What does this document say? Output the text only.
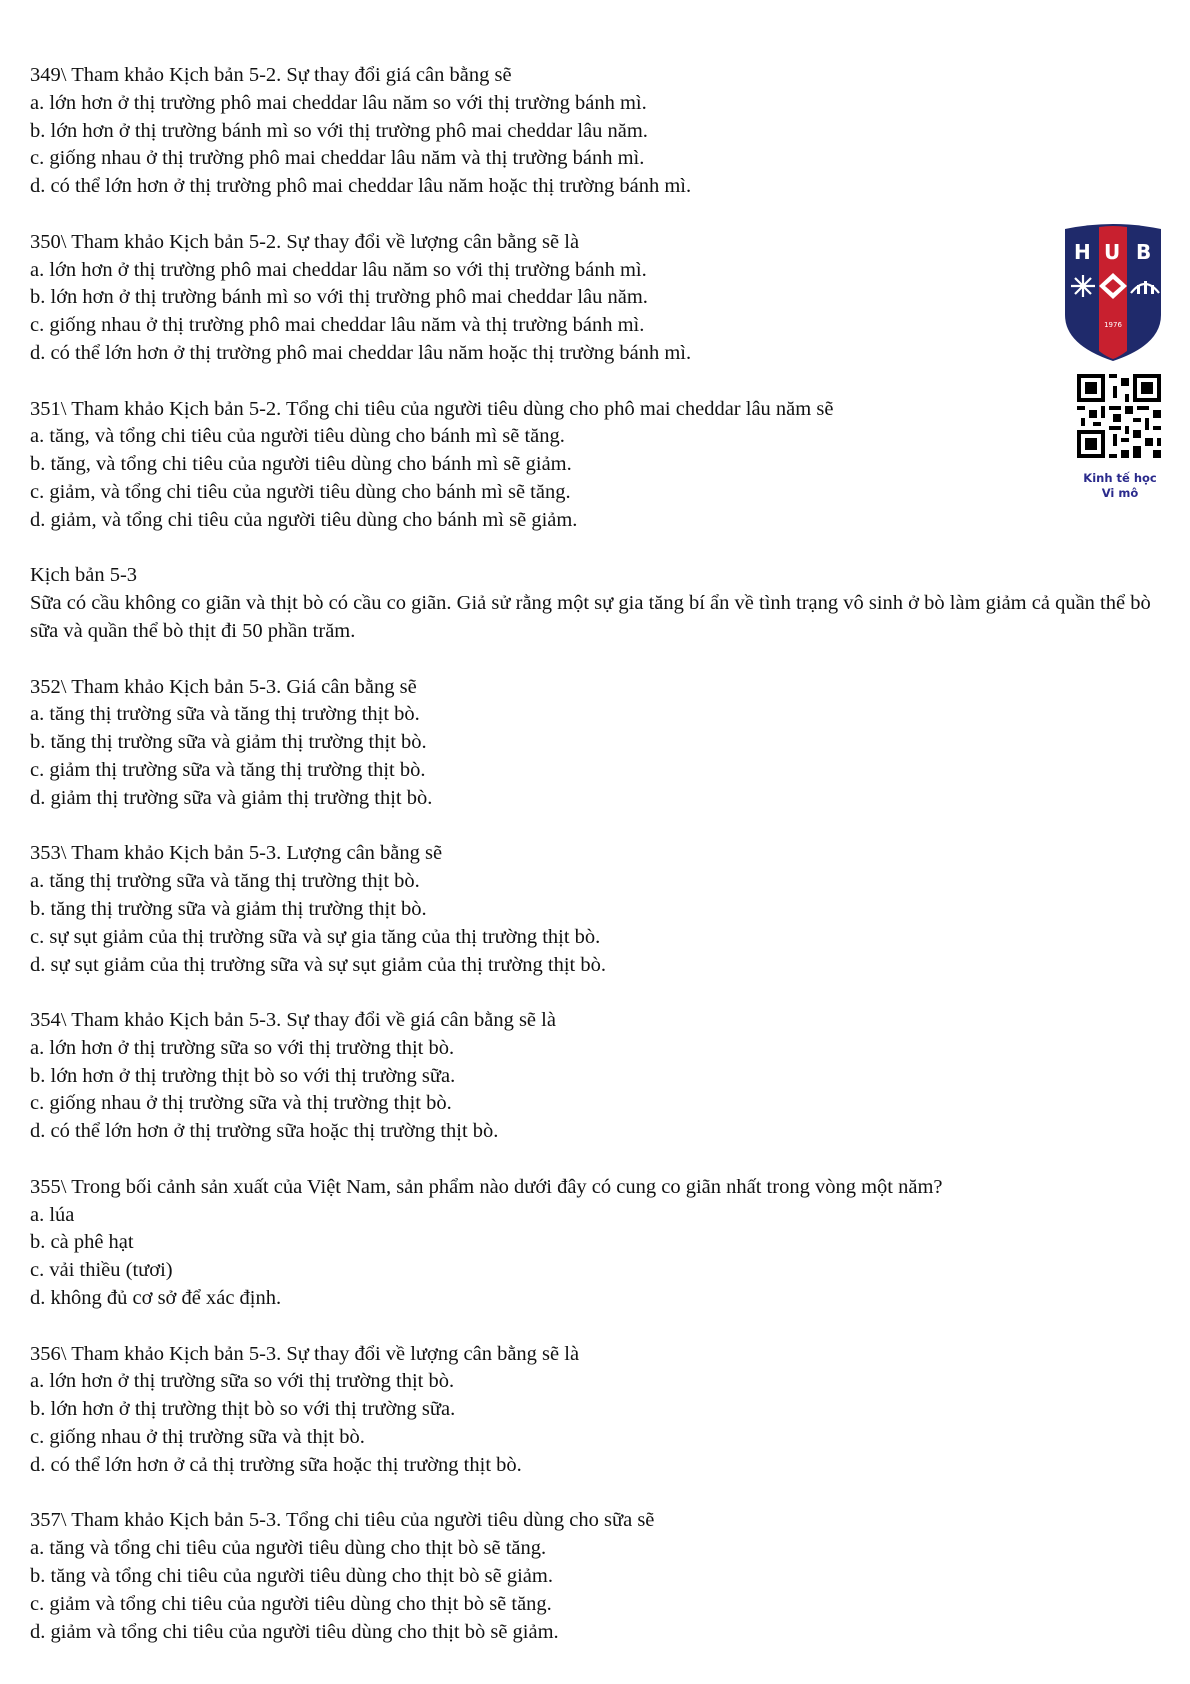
349\ Tham khảo Kịch bản 5-2. Sự thay đổi giá cân bằng sẽ
a. lớn hơn ở thị trường phô mai cheddar lâu năm so với thị trường bánh mì.
b. lớn hơn ở thị trường bánh mì so với thị trường phô mai cheddar lâu năm.
c. giống nhau ở thị trường phô mai cheddar lâu năm và thị trường bánh mì.
d. có thể lớn hơn ở thị trường phô mai cheddar lâu năm hoặc thị trường bánh mì.
350\ Tham khảo Kịch bản 5-2. Sự thay đổi về lượng cân bằng sẽ là
a. lớn hơn ở thị trường phô mai cheddar lâu năm so với thị trường bánh mì.
b. lớn hơn ở thị trường bánh mì so với thị trường phô mai cheddar lâu năm.
c. giống nhau ở thị trường phô mai cheddar lâu năm và thị trường bánh mì.
d. có thể lớn hơn ở thị trường phô mai cheddar lâu năm hoặc thị trường bánh mì.
351\ Tham khảo Kịch bản 5-2. Tổng chi tiêu của người tiêu dùng cho phô mai cheddar lâu năm sẽ
a. tăng, và tổng chi tiêu của người tiêu dùng cho bánh mì sẽ tăng.
b. tăng, và tổng chi tiêu của người tiêu dùng cho bánh mì sẽ giảm.
c. giảm, và tổng chi tiêu của người tiêu dùng cho bánh mì sẽ tăng.
d. giảm, và tổng chi tiêu của người tiêu dùng cho bánh mì sẽ giảm.
Kịch bản 5-3
Sữa có cầu không co giãn và thịt bò có cầu co giãn. Giả sử rằng một sự gia tăng bí ẩn về tình trạng vô sinh ở bò làm giảm cả quần thể bò sữa và quần thể bò thịt đi 50 phần trăm.
352\ Tham khảo Kịch bản 5-3. Giá cân bằng sẽ
a. tăng thị trường sữa và tăng thị trường thịt bò.
b. tăng thị trường sữa và giảm thị trường thịt bò.
c. giảm thị trường sữa và tăng thị trường thịt bò.
d. giảm thị trường sữa và giảm thị trường thịt bò.
353\ Tham khảo Kịch bản 5-3. Lượng cân bằng sẽ
a. tăng thị trường sữa và tăng thị trường thịt bò.
b. tăng thị trường sữa và giảm thị trường thịt bò.
c. sự sụt giảm của thị trường sữa và sự gia tăng của thị trường thịt bò.
d. sự sụt giảm của thị trường sữa và sự sụt giảm của thị trường thịt bò.
354\ Tham khảo Kịch bản 5-3. Sự thay đổi về giá cân bằng sẽ là
a. lớn hơn ở thị trường sữa so với thị trường thịt bò.
b. lớn hơn ở thị trường thịt bò so với thị trường sữa.
c. giống nhau ở thị trường sữa và thị trường thịt bò.
d. có thể lớn hơn ở thị trường sữa hoặc thị trường thịt bò.
355\ Trong bối cảnh sản xuất của Việt Nam, sản phẩm nào dưới đây có cung co giãn nhất trong vòng một năm?
a. lúa
b. cà phê hạt
c. vải thiều (tươi)
d. không đủ cơ sở để xác định.
356\ Tham khảo Kịch bản 5-3. Sự thay đổi về lượng cân bằng sẽ là
a. lớn hơn ở thị trường sữa so với thị trường thịt bò.
b. lớn hơn ở thị trường thịt bò so với thị trường sữa.
c. giống nhau ở thị trường sữa và thịt bò.
d. có thể lớn hơn ở cả thị trường sữa hoặc thị trường thịt bò.
357\ Tham khảo Kịch bản 5-3. Tổng chi tiêu của người tiêu dùng cho sữa sẽ
a. tăng và tổng chi tiêu của người tiêu dùng cho thịt bò sẽ tăng.
b. tăng và tổng chi tiêu của người tiêu dùng cho thịt bò sẽ giảm.
c. giảm và tổng chi tiêu của người tiêu dùng cho thịt bò sẽ tăng.
d. giảm và tổng chi tiêu của người tiêu dùng cho thịt bò sẽ giảm.
H U B
1976
Kinh tế học
Vi mô
